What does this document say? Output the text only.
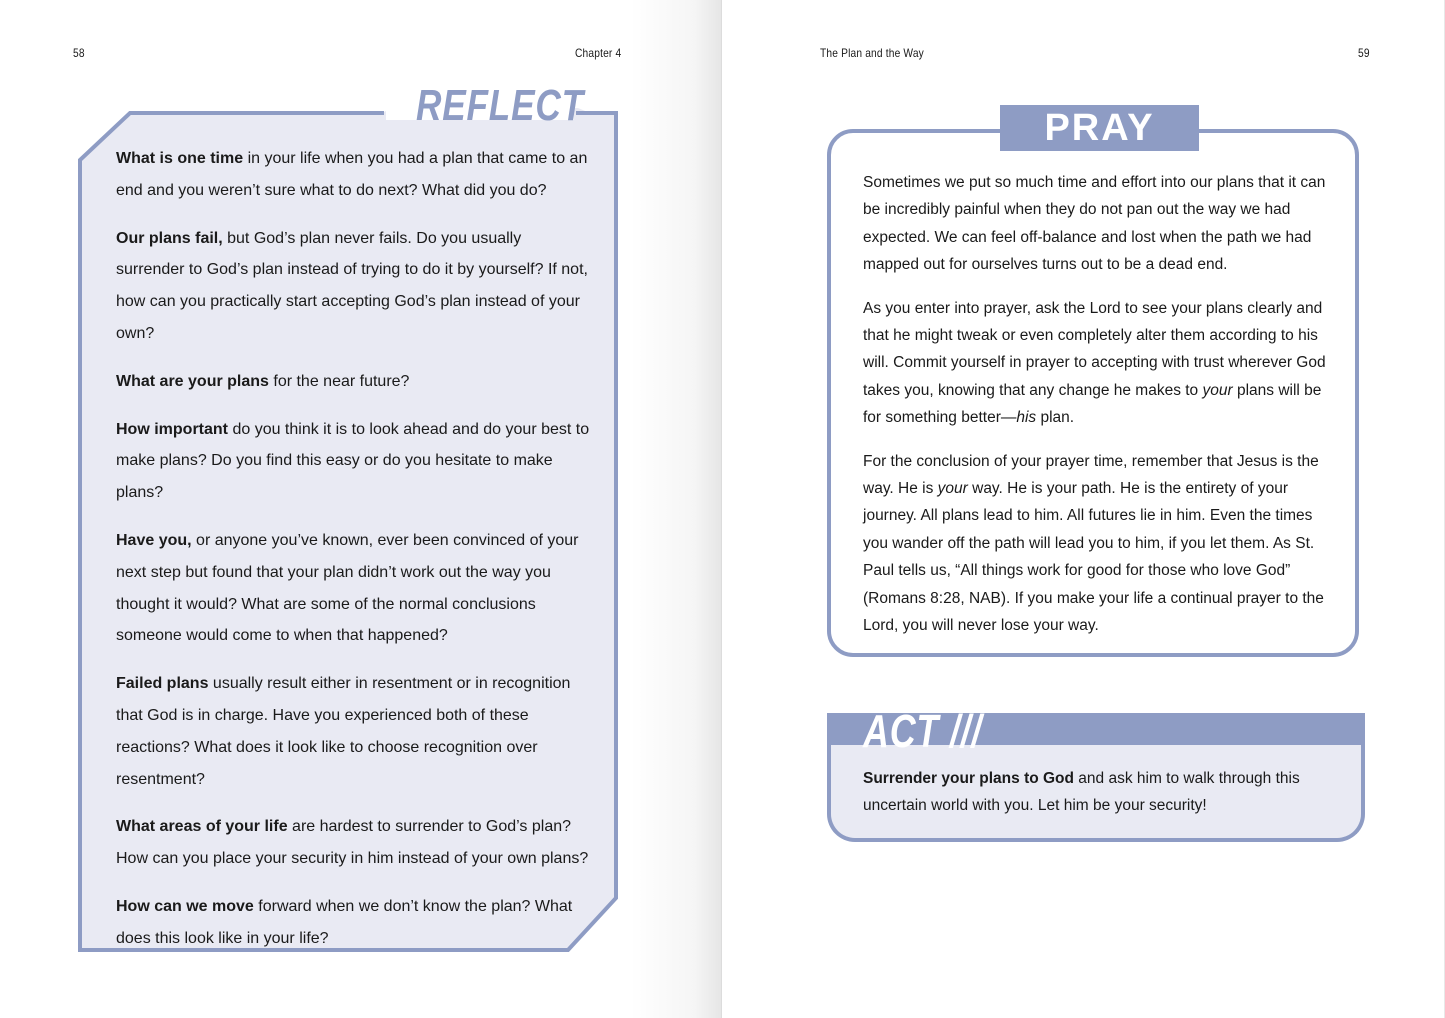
58	Chapter 4	The Plan and the Way	59
REFLECT

What is one time in your life when you had a plan that came to an end and you weren’t sure what to do next? What did you do?

Our plans fail, but God’s plan never fails. Do you usually surrender to God’s plan instead of trying to do it by yourself? If not, how can you practically start accepting God’s plan instead of your own?

What are your plans for the near future?

How important do you think it is to look ahead and do your best to make plans? Do you find this easy or do you hesitate to make plans?

Have you, or anyone you’ve known, ever been convinced of your next step but found that your plan didn’t work out the way you thought it would? What are some of the normal conclusions someone would come to when that happened?

Failed plans usually result either in resentment or in recognition that God is in charge. Have you experienced both of these reactions? What does it look like to choose recognition over resentment?

What areas of your life are hardest to surrender to God’s plan? How can you place your security in him instead of your own plans?

How can we move forward when we don’t know the plan? What does this look like in your life?

PRAY

Sometimes we put so much time and effort into our plans that it can be incredibly painful when they do not pan out the way we had expected. We can feel off-balance and lost when the path we had mapped out for ourselves turns out to be a dead end.

As you enter into prayer, ask the Lord to see your plans clearly and that he might tweak or even completely alter them according to his will. Commit yourself in prayer to accepting with trust wherever God takes you, knowing that any change he makes to your plans will be for something better—his plan.

For the conclusion of your prayer time, remember that Jesus is the way. He is your way. He is your path. He is the entirety of your journey. All plans lead to him. All futures lie in him. Even the times you wander off the path will lead you to him, if you let them. As St. Paul tells us, “All things work for good for those who love God” (Romans 8:28, NAB). If you make your life a continual prayer to the Lord, you will never lose your way.

ACT ///

Surrender your plans to God and ask him to walk through this uncertain world with you. Let him be your security!
